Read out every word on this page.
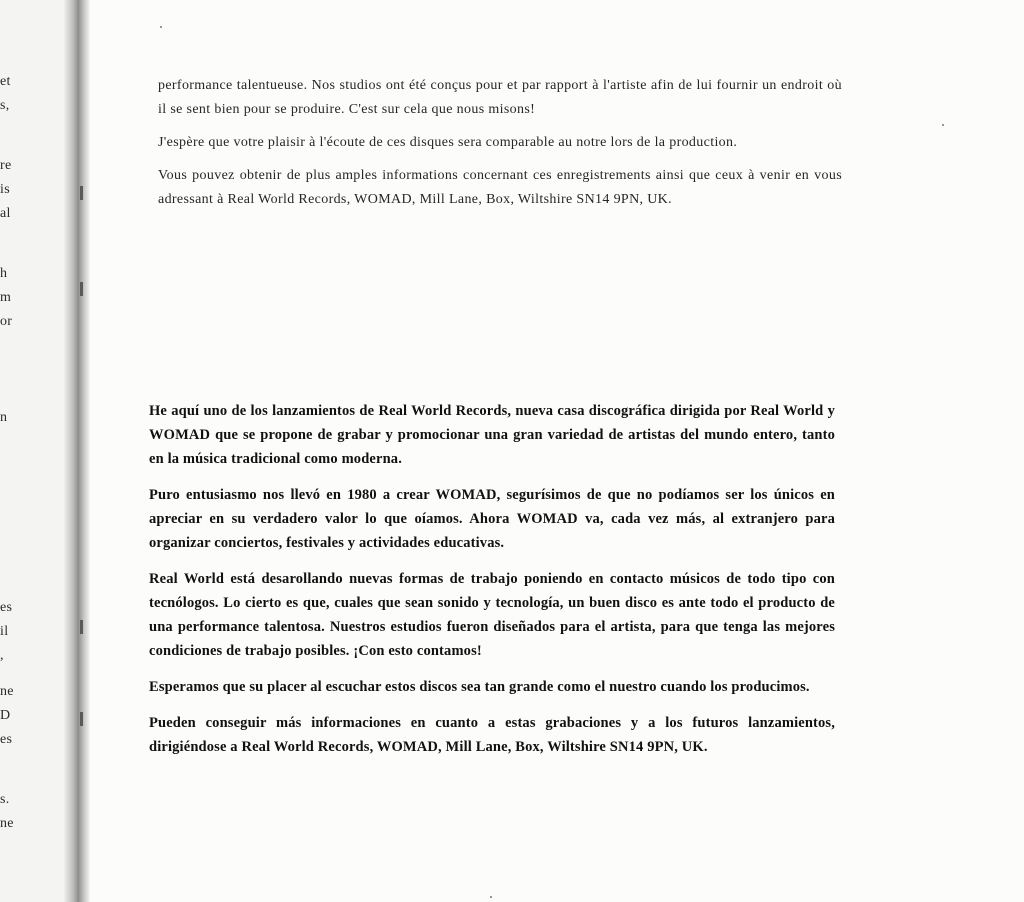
et
s,
re
is
al
h
m
or
n
es
il
,
ne
D
es
s.
ne

performance talentueuse. Nos studios ont été conçus pour et par rapport à l'artiste afin de lui fournir un endroit où il se sent bien pour se produire. C'est sur cela que nous misons!

J'espère que votre plaisir à l'écoute de ces disques sera comparable au notre lors de la production.

Vous pouvez obtenir de plus amples informations concernant ces enregistrements ainsi que ceux à venir en vous adressant à Real World Records, WOMAD, Mill Lane, Box, Wiltshire SN14 9PN, UK.

He aquí uno de los lanzamientos de Real World Records, nueva casa discográfica dirigida por Real World y WOMAD que se propone de grabar y promocionar una gran variedad de artistas del mundo entero, tanto en la música tradicional como moderna.

Puro entusiasmo nos llevó en 1980 a crear WOMAD, segurísimos de que no podíamos ser los únicos en apreciar en su verdadero valor lo que oíamos. Ahora WOMAD va, cada vez más, al extranjero para organizar conciertos, festivales y actividades educativas.

Real World está desarollando nuevas formas de trabajo poniendo en contacto músicos de todo tipo con tecnólogos. Lo cierto es que, cuales que sean sonido y tecnología, un buen disco es ante todo el producto de una performance talentosa. Nuestros estudios fueron diseñados para el artista, para que tenga las mejores condiciones de trabajo posibles. ¡Con esto contamos!

Esperamos que su placer al escuchar estos discos sea tan grande como el nuestro cuando los producimos.

Pueden conseguir más informaciones en cuanto a estas grabaciones y a los futuros lanzamientos, dirigiéndose a Real World Records, WOMAD, Mill Lane, Box, Wiltshire SN14 9PN, UK.
